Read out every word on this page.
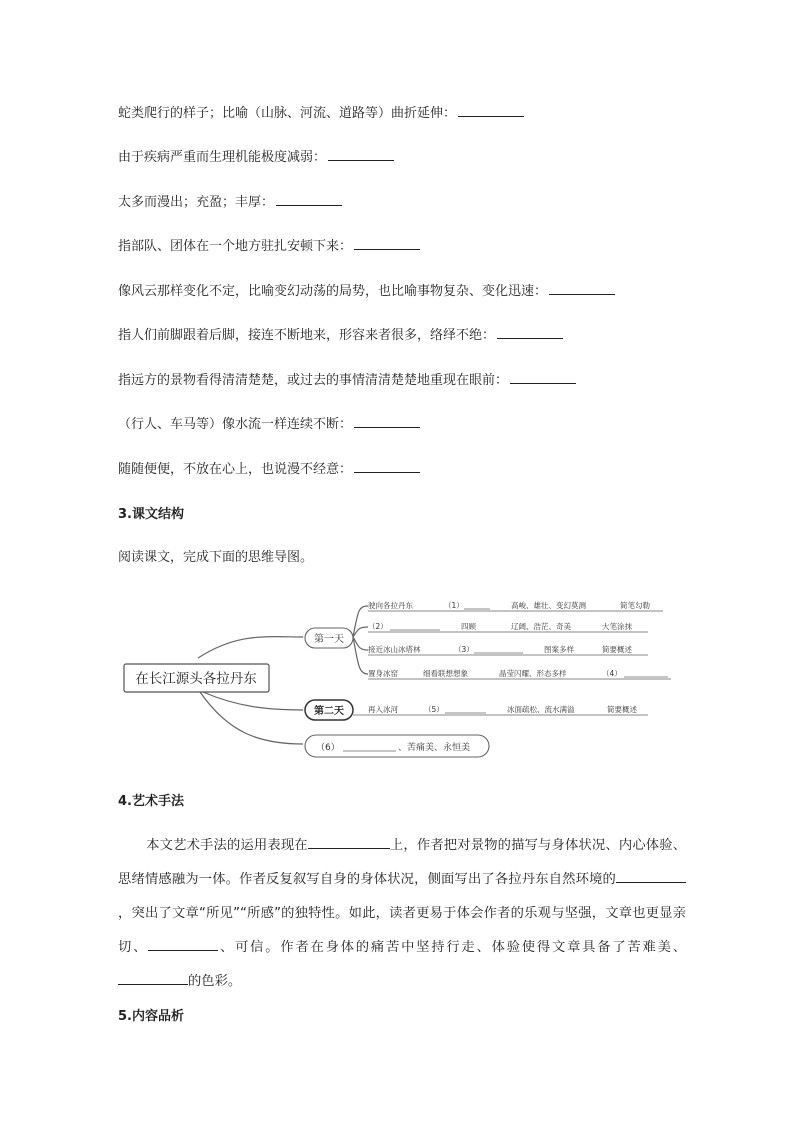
蛇类爬行的样子；比喻（山脉、河流、道路等）曲折延伸：
由于疾病严重而生理机能极度减弱：
太多而漫出；充盈；丰厚：
指部队、团体在一个地方驻扎安顿下来：
像风云那样变化不定，比喻变幻动荡的局势，也比喻事物复杂、变化迅速：
指人们前脚跟着后脚，接连不断地来，形容来者很多，络绎不绝：
指远方的景物看得清清楚楚，或过去的事情清清楚楚地重现在眼前：
（行人、车马等）像水流一样连续不断：
随随便便，不放在心上，也说漫不经意：
3.课文结构
阅读课文，完成下面的思维导图。
在长江源头各拉丹东
第一天
第二天
（6）	、苦痛美、永恒美
驶向各拉丹东	（1）	高峻、雄壮、变幻莫测	简笔勾勒
（2）	四顾	辽阔、浩茫、奇美	大笔涂抹
接近冰山冰塔林	（3）	图案多样	简要概述
置身冰窑	细看联想想象	晶莹闪耀、形态多样	（4）
再入冰河	（5）	冰面疏松、流水满溢	简要概述
4.艺术手法
本文艺术手法的运用表现在	上，作者把对景物的描写与身体状况、内心体验、思绪情感融为一体。作者反复叙写自身的身体状况，侧面写出了各拉丹东自然环境的，突出了文章“所见”“所感”的独特性。如此，读者更易于体会作者的乐观与坚强，文章也更显亲切、	、可信。作者在身体的痛苦中坚持行走、体验使得文章具备了苦难美、的色彩。
5.内容品析
